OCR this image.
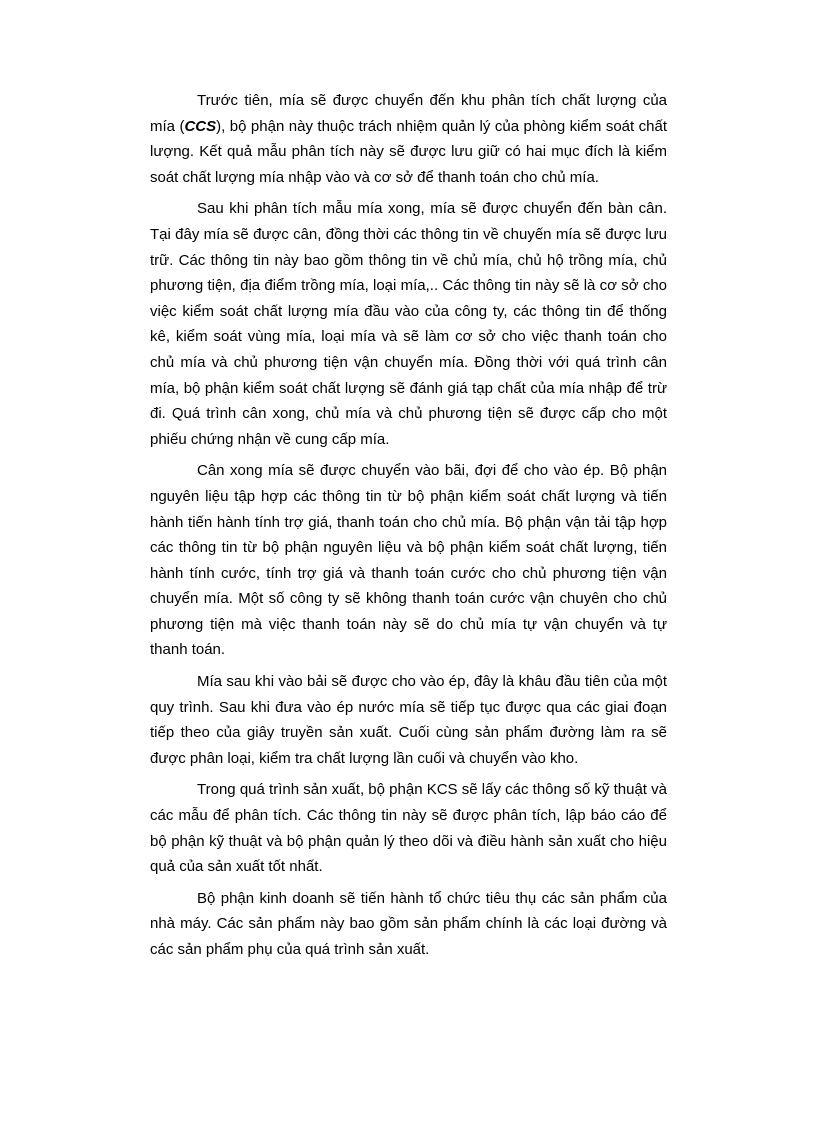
Trước tiên, mía sẽ được chuyển đến khu phân tích chất lượng của mía (CCS), bộ phận này thuộc trách nhiệm quản lý của phòng kiểm soát chất lượng. Kết quả mẫu phân tích này sẽ được lưu giữ có hai mục đích là kiểm soát chất lượng mía nhập vào và cơ sở để thanh toán cho chủ mía.

Sau khi phân tích mẫu mía xong, mía sẽ được chuyển đến bàn cân. Tại đây mía sẽ được cân, đồng thời các thông tin về chuyến mía sẽ được lưu trữ. Các thông tin này bao gồm thông tin về chủ mía, chủ hộ trồng mía, chủ phương tiện, địa điểm trồng mía, loại mía,.. Các thông tin này sẽ là cơ sở cho việc kiểm soát chất lượng mía đầu vào của công ty, các thông tin để thống kê, kiểm soát vùng mía, loại mía và sẽ làm cơ sở cho việc thanh toán cho chủ mía và chủ phương tiện vận chuyển mía. Đồng thời với quá trình cân mía, bộ phận kiểm soát chất lượng sẽ đánh giá tạp chất của mía nhập để trừ đi. Quá trình cân xong, chủ mía và chủ phương tiện sẽ được cấp cho một phiếu chứng nhận về cung cấp mía.

Cân xong mía sẽ được chuyển vào bãi, đợi để cho vào ép. Bộ phận nguyên liệu tập hợp các thông tin từ bộ phận kiểm soát chất lượng và tiến hành tiến hành tính trợ giá, thanh toán cho chủ mía. Bộ phận vận tải tập hợp các thông tin từ bộ phận nguyên liệu và bộ phận kiểm soát chất lượng, tiến hành tính cước, tính trợ giá và thanh toán cước cho chủ phương tiện vận chuyển mía. Một số công ty sẽ không thanh toán cước vận chuyên cho chủ phương tiện mà việc thanh toán này sẽ do chủ mía tự vận chuyển và tự thanh toán.

Mía sau khi vào bải sẽ được cho vào ép, đây là khâu đầu tiên của một quy trình. Sau khi đưa vào ép nước mía sẽ tiếp tục được qua các giai đoạn tiếp theo của giây truyền sản xuất. Cuối cùng sản phẩm đường làm ra sẽ được phân loại, kiểm tra chất lượng lần cuối và chuyển vào kho.

Trong quá trình sản xuất, bộ phận KCS sẽ lấy các thông số kỹ thuật và các mẫu để phân tích. Các thông tin này sẽ được phân tích, lập báo cáo để bộ phận kỹ thuật và bộ phận quản lý theo dõi và điều hành sản xuất cho hiệu quả của sản xuất tốt nhất.

Bộ phận kinh doanh sẽ tiến hành tổ chức tiêu thụ các sản phẩm của nhà máy. Các sản phẩm này bao gồm sản phẩm chính là các loại đường và các sản phẩm phụ của quá trình sản xuất.
